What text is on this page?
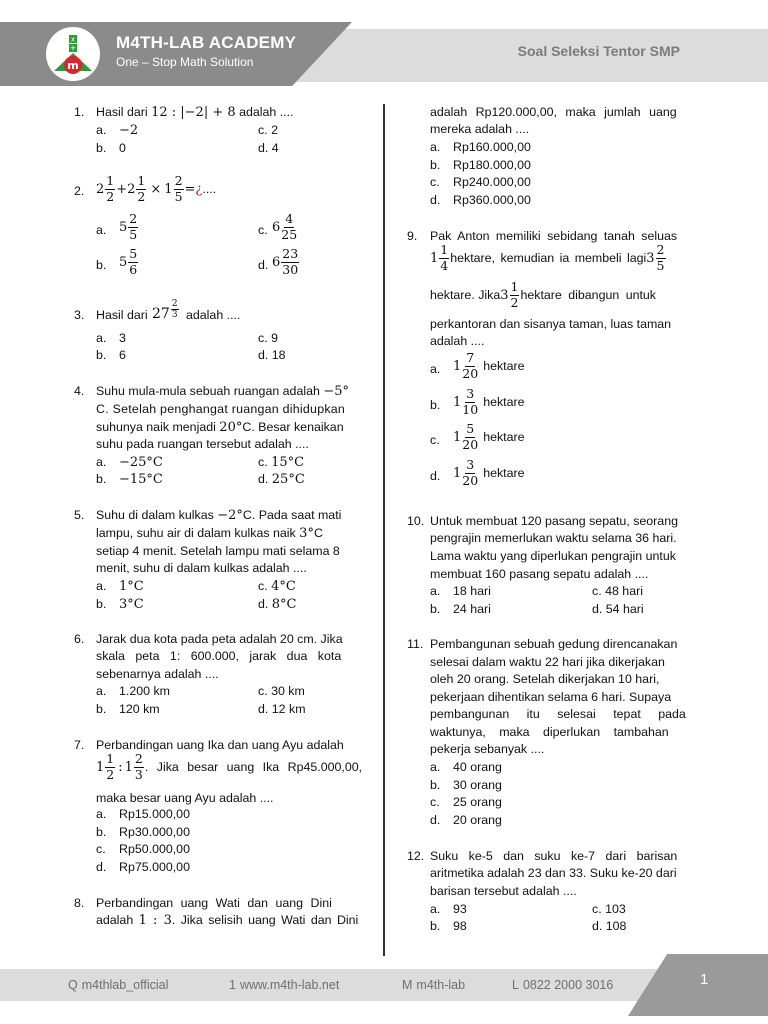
x
+
m
M4TH-LAB ACADEMY
One – Stop Math Solution
Soal Seleksi Tentor SMP
1. Hasil dari 12 : |−2| + 8 adalah ....
a. −2
b. 0
c. 2
d. 4
2. $2 \frac{1}{2} + 2 \frac{1}{2} \times 1 \frac{2}{5}$ = ¿ ....
a. $5 \frac{2}{5}$
b. $5 \frac{5}{6}$
c. $6 \frac{4}{25}$
d. $6 \frac{23}{30}$
3. Hasil dari $27 \frac{2}{3}$ adalah ....
a. 3
b. 6
c. 9
d. 18
4. Suhu mula-mula sebuah ruangan adalah −5°
C. Setelah penghangat ruangan dihidupkan
suhunya naik menjadi 20°C. Besar kenaikan
suhu pada ruangan tersebut adalah ....
a. −25°C
b. −15°C
c. 15°C
d. 25°C
5. Suhu di dalam kulkas −2°C. Pada saat mati
lampu, suhu air di dalam kulkas naik 3°C
setiap 4 menit. Setelah lampu mati selama 8
menit, suhu di dalam kulkas adalah ....
a. 1°C
b. 3°C
c. 4°C
d. 8°C
6. Jarak dua kota pada peta adalah 20 cm. Jika
skala peta 1: 600.000, jarak dua kota
sebenarnya adalah ....
a. 1.200 km
b. 120 km
c. 30 km
d. 12 km
7. Perbandingan uang Ika dan uang Ayu adalah
$1 \frac{1}{2}$ : $1 \frac{2}{3}$ . Jika besar uang Ika Rp45.000,00,
maka besar uang Ayu adalah ....
a. Rp15.000,00
b. Rp30.000,00
c. Rp50.000,00
d. Rp75.000,00
8. Perbandingan uang Wati dan uang Dini
adalah 1 : 3. Jika selisih uang Wati dan Dini
adalah Rp120.000,00, maka jumlah uang
mereka adalah ....
a. Rp160.000,00
b. Rp180.000,00
c. Rp240.000,00
d. Rp360.000,00
9. Pak Anton memiliki sebidang tanah seluas
$1 \frac{1}{4}$ hektare, kemudian ia membeli lagi $3 \frac{2}{5}$
hektare. Jika $3 \frac{1}{2}$ hektare dibangun untuk
perkantoran dan sisanya taman, luas taman
adalah ....
a. $1 \frac{7}{20}$ hektare
b. $1 \frac{3}{10}$ hektare
c. $1 \frac{5}{20}$ hektare
d. $1 \frac{3}{20}$ hektare
10. Untuk membuat 120 pasang sepatu, seorang
pengrajin memerlukan waktu selama 36 hari.
Lama waktu yang diperlukan pengrajin untuk
membuat 160 pasang sepatu adalah ....
a. 18 hari
b. 24 hari
c. 48 hari
d. 54 hari
11. Pembangunan sebuah gedung direncanakan
selesai dalam waktu 22 hari jika dikerjakan
oleh 20 orang. Setelah dikerjakan 10 hari,
pekerjaan dihentikan selama 6 hari. Supaya
pembangunan itu selesai tepat pada
waktunya, maka diperlukan tambahan
pekerja sebanyak ....
a. 40 orang
b. 30 orang
c. 25 orang
d. 20 orang
12. Suku ke-5 dan suku ke-7 dari barisan
aritmetika adalah 23 dan 33. Suku ke-20 dari
barisan tersebut adalah ....
a. 93
b. 98
c. 103
d. 108
Q m4thlab_official	1 www.m4th-lab.net	M m4th-lab	L 0822 2000 3016	1
